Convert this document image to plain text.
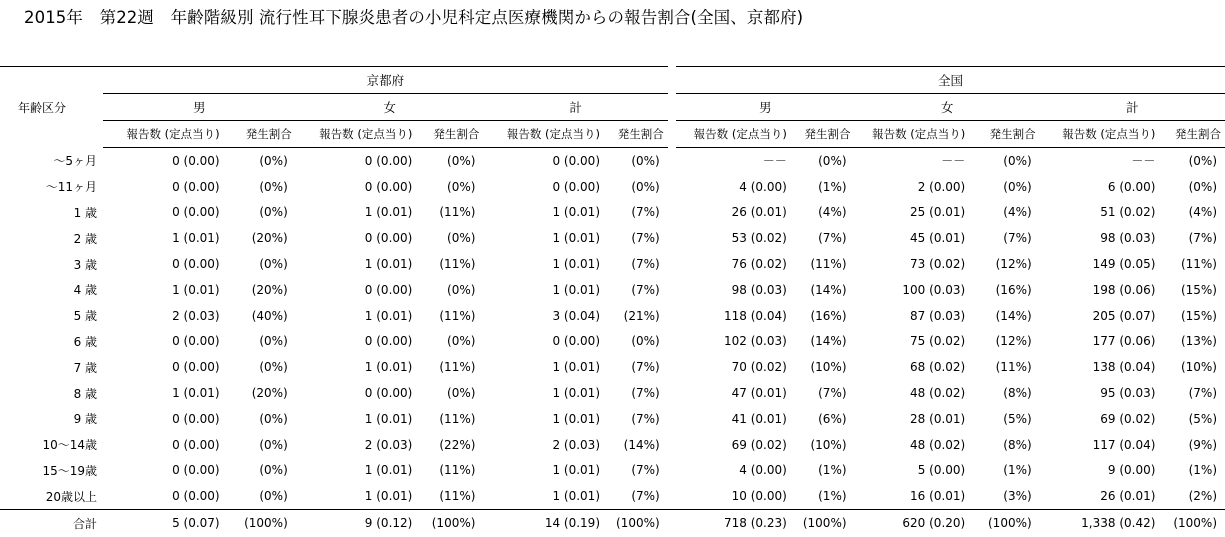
2015年　第22週　年齢階級別 流行性耳下腺炎患者の小児科定点医療機関からの報告割合(全国、京都府)
年齢区分	京都府							全国					
	男		女		計			男		女		計	
	報告数 (定点当り)	発生割合	報告数 (定点当り)	発生割合	報告数 (定点当り)	発生割合		報告数 (定点当り)	発生割合	報告数 (定点当り)	発生割合	報告数 (定点当り)	発生割合
～5ヶ月	0 (0.00)	(0%)	0 (0.00)	(0%)	0 (0.00)	(0%)		－－	(0%)	－－	(0%)	－－	(0%)
～11ヶ月	0 (0.00)	(0%)	0 (0.00)	(0%)	0 (0.00)	(0%)		4 (0.00)	(1%)	2 (0.00)	(0%)	6 (0.00)	(0%)
1 歳	0 (0.00)	(0%)	1 (0.01)	(11%)	1 (0.01)	(7%)		26 (0.01)	(4%)	25 (0.01)	(4%)	51 (0.02)	(4%)
2 歳	1 (0.01)	(20%)	0 (0.00)	(0%)	1 (0.01)	(7%)		53 (0.02)	(7%)	45 (0.01)	(7%)	98 (0.03)	(7%)
3 歳	0 (0.00)	(0%)	1 (0.01)	(11%)	1 (0.01)	(7%)		76 (0.02)	(11%)	73 (0.02)	(12%)	149 (0.05)	(11%)
4 歳	1 (0.01)	(20%)	0 (0.00)	(0%)	1 (0.01)	(7%)		98 (0.03)	(14%)	100 (0.03)	(16%)	198 (0.06)	(15%)
5 歳	2 (0.03)	(40%)	1 (0.01)	(11%)	3 (0.04)	(21%)		118 (0.04)	(16%)	87 (0.03)	(14%)	205 (0.07)	(15%)
6 歳	0 (0.00)	(0%)	0 (0.00)	(0%)	0 (0.00)	(0%)		102 (0.03)	(14%)	75 (0.02)	(12%)	177 (0.06)	(13%)
7 歳	0 (0.00)	(0%)	1 (0.01)	(11%)	1 (0.01)	(7%)		70 (0.02)	(10%)	68 (0.02)	(11%)	138 (0.04)	(10%)
8 歳	1 (0.01)	(20%)	0 (0.00)	(0%)	1 (0.01)	(7%)		47 (0.01)	(7%)	48 (0.02)	(8%)	95 (0.03)	(7%)
9 歳	0 (0.00)	(0%)	1 (0.01)	(11%)	1 (0.01)	(7%)		41 (0.01)	(6%)	28 (0.01)	(5%)	69 (0.02)	(5%)
10～14歳	0 (0.00)	(0%)	2 (0.03)	(22%)	2 (0.03)	(14%)		69 (0.02)	(10%)	48 (0.02)	(8%)	117 (0.04)	(9%)
15～19歳	0 (0.00)	(0%)	1 (0.01)	(11%)	1 (0.01)	(7%)		4 (0.00)	(1%)	5 (0.00)	(1%)	9 (0.00)	(1%)
20歳以上	0 (0.00)	(0%)	1 (0.01)	(11%)	1 (0.01)	(7%)		10 (0.00)	(1%)	16 (0.01)	(3%)	26 (0.01)	(2%)
合計	5 (0.07)	(100%)	9 (0.12)	(100%)	14 (0.19)	(100%)		718 (0.23)	(100%)	620 (0.20)	(100%)	1,338 (0.42)	(100%)
